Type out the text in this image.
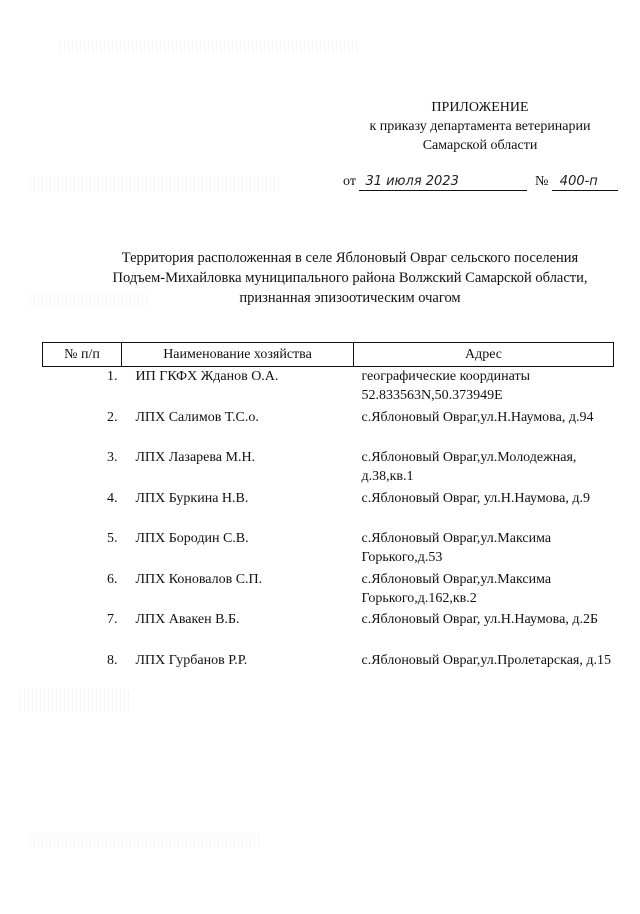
ПРИЛОЖЕНИЕ
к приказу департамента ветеринарии
Самарской области
от 31 июля 2023	№ 400-п
Территория расположенная в селе Яблоновый Овраг сельского поселения Подъем-Михайловка муниципального района Волжский Самарской области, признанная эпизоотическим очагом
№ п/п	Наименование хозяйства	Адрес
1.	ИП ГКФХ Жданов О.А.	географические координаты 52.833563N,50.373949E
2.	ЛПХ Салимов Т.С.о.	с.Яблоновый Овраг,ул.Н.Наумова, д.94
3.	ЛПХ Лазарева М.Н.	с.Яблоновый Овраг,ул.Молодежная, д.38,кв.1
4.	ЛПХ Буркина Н.В.	с.Яблоновый Овраг, ул.Н.Наумова, д.9
5.	ЛПХ Бородин С.В.	с.Яблоновый Овраг,ул.Максима Горького,д.53
6.	ЛПХ Коновалов С.П.	с.Яблоновый Овраг,ул.Максима Горького,д.162,кв.2
7.	ЛПХ Авакен В.Б.	с.Яблоновый Овраг, ул.Н.Наумова, д.2Б
8.	ЛПХ Гурбанов Р.Р.	с.Яблоновый Овраг,ул.Пролетарская, д.15
